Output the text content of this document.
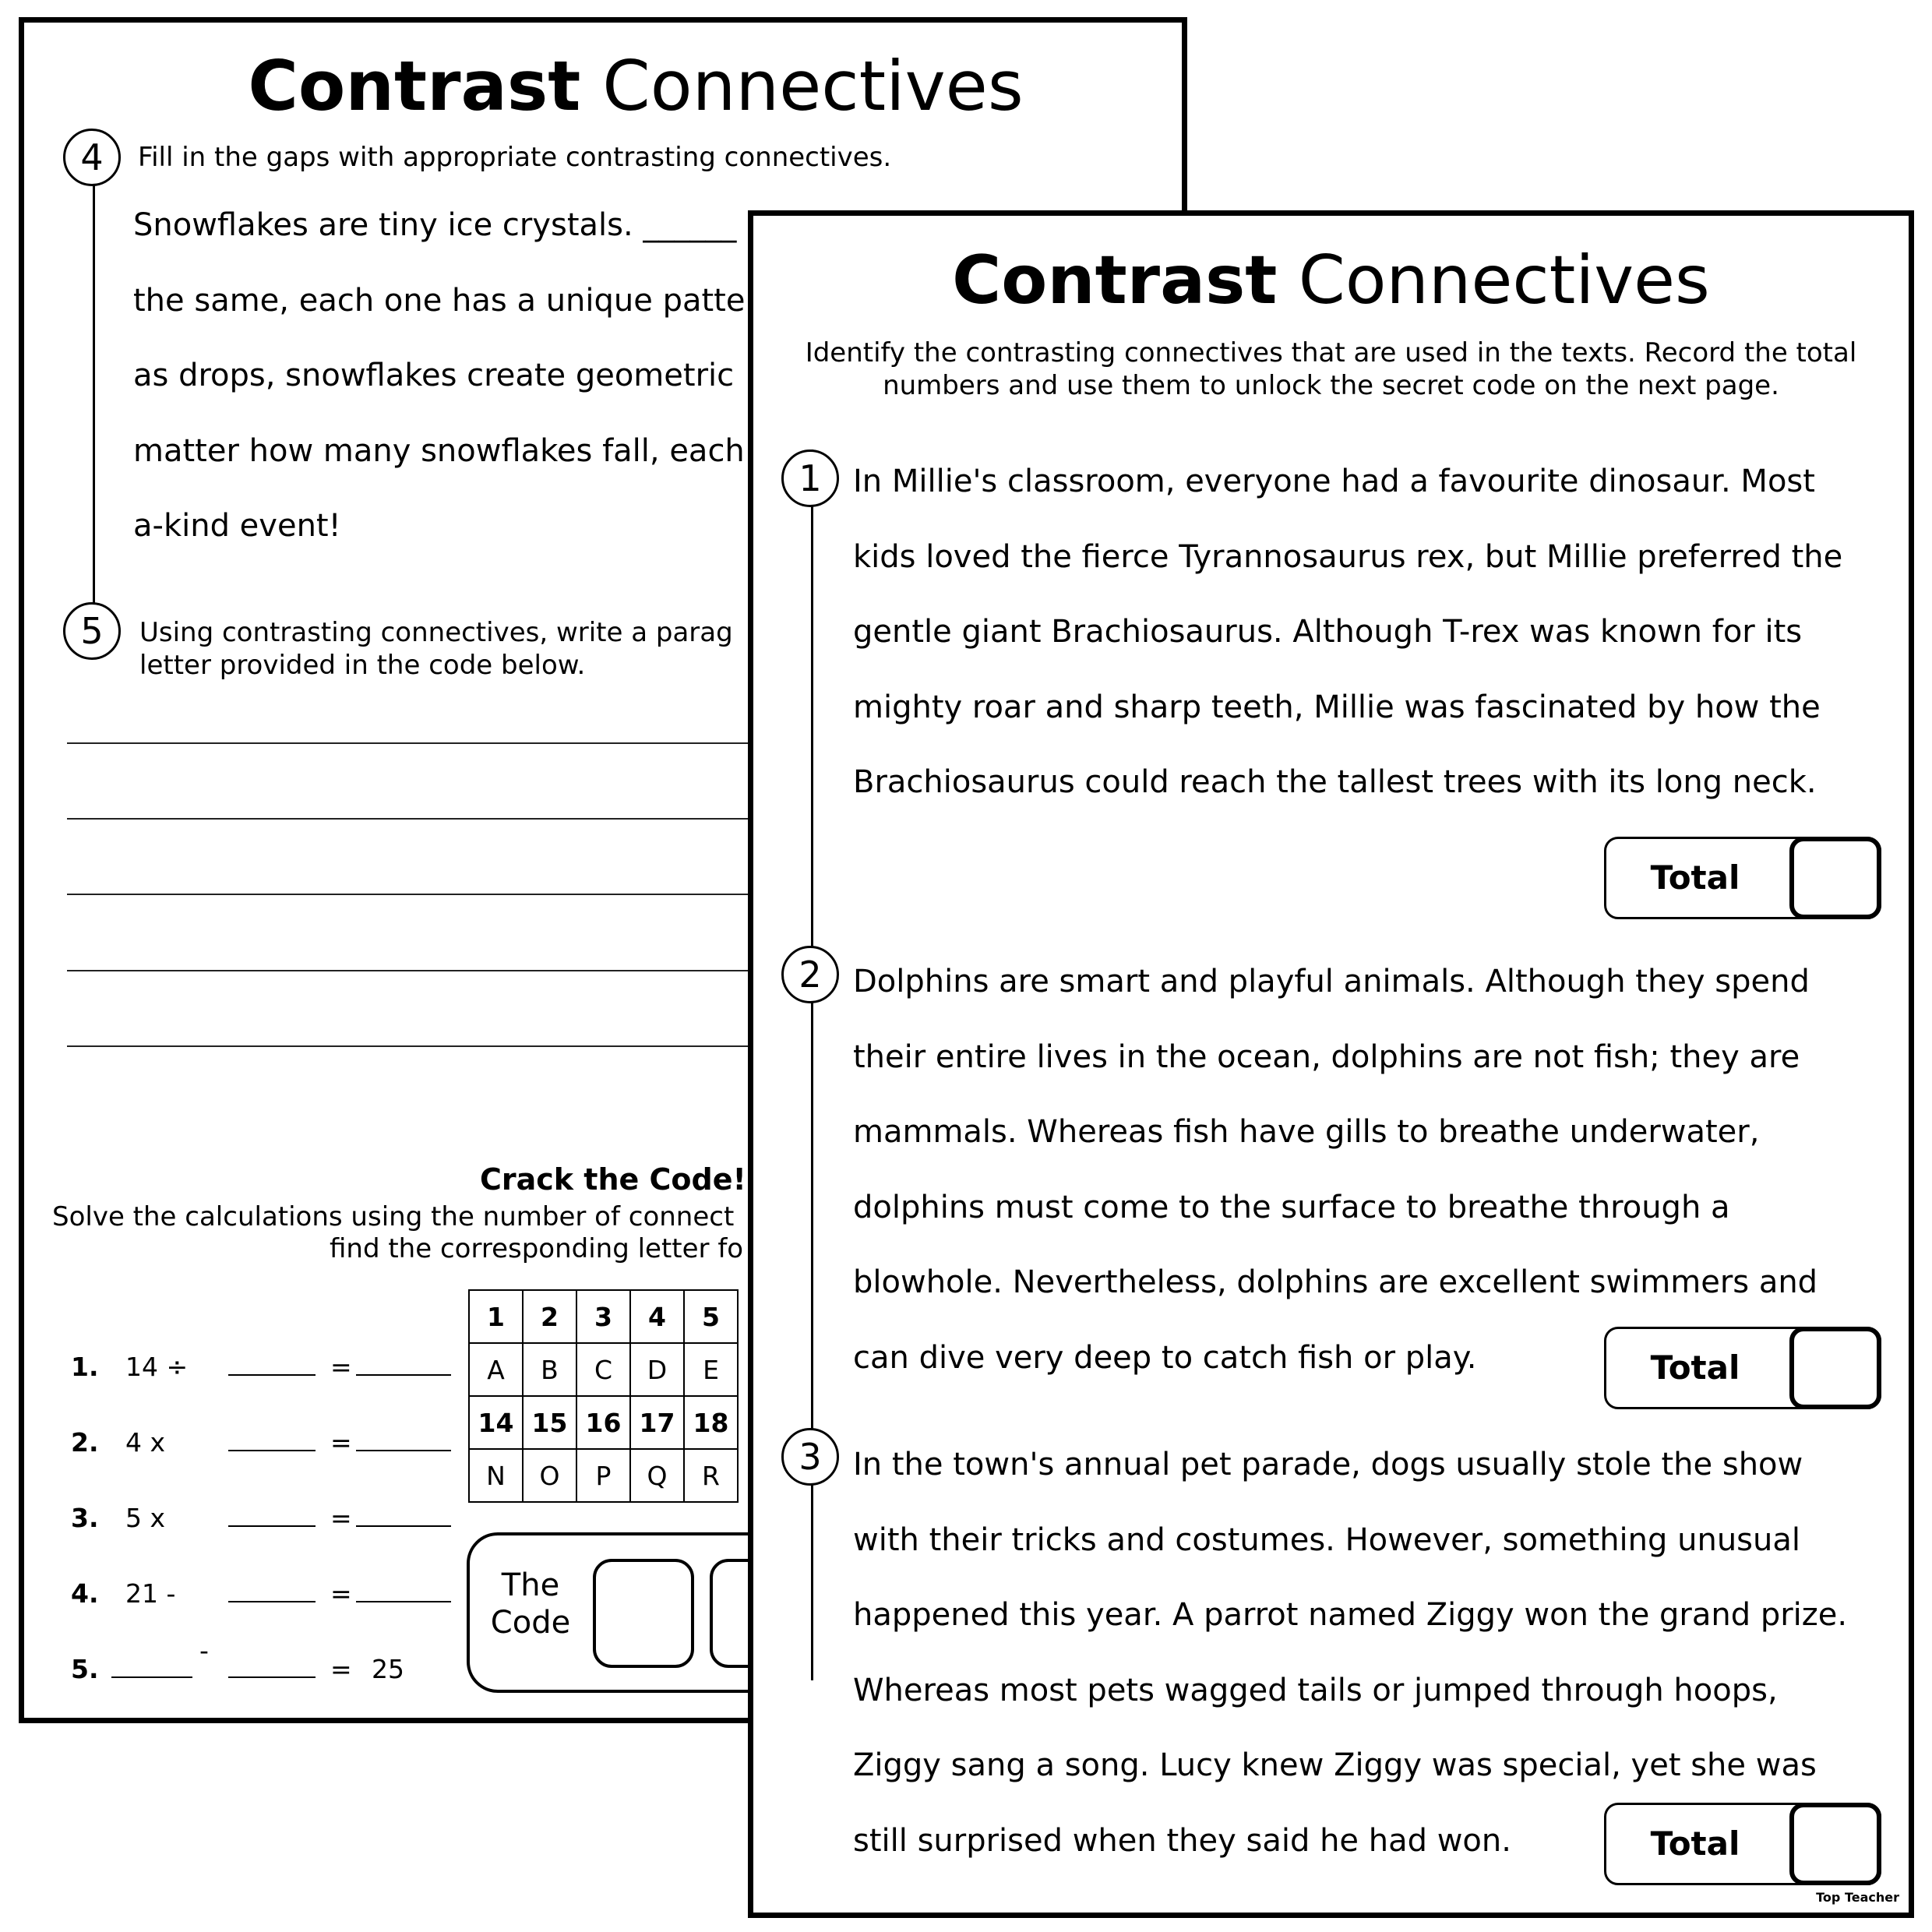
Contrast Connectives
4	Fill in the gaps with appropriate contrasting connectives.
Snowflakes are tiny ice crystals. ______
the same, each one has a unique patte
as drops, snowflakes create geometric
matter how many snowflakes fall, each
a-kind event!
5	Using contrasting connectives, write a parag
letter provided in the code below.
Crack the Code!
Solve the calculations using the number of connect
find the corresponding letter fo
1	2	3	4	5
A	B	C	D	E
14	15	16	17	18
N	O	P	Q	R
1. 14 ÷	=
2. 4 x	=
3. 5 x	=
4. 21 -	=
5.
-
= 25
The
Code
Contrast Connectives
Identify the contrasting connectives that are used in the texts. Record the total
numbers and use them to unlock the secret code on the next page.
1	In Millie's classroom, everyone had a favourite dinosaur. Most
kids loved the fierce Tyrannosaurus rex, but Millie preferred the
gentle giant Brachiosaurus. Although T-rex was known for its
mighty roar and sharp teeth, Millie was fascinated by how the
Brachiosaurus could reach the tallest trees with its long neck.
Total
2	Dolphins are smart and playful animals. Although they spend
their entire lives in the ocean, dolphins are not fish; they are
mammals. Whereas fish have gills to breathe underwater,
dolphins must come to the surface to breathe through a
blowhole. Nevertheless, dolphins are excellent swimmers and
can dive very deep to catch fish or play.	Total
3	In the town's annual pet parade, dogs usually stole the show
with their tricks and costumes. However, something unusual
happened this year. A parrot named Ziggy won the grand prize.
Whereas most pets wagged tails or jumped through hoops,
Ziggy sang a song. Lucy knew Ziggy was special, yet she was
still surprised when they said he had won.	Total
Top Teacher
